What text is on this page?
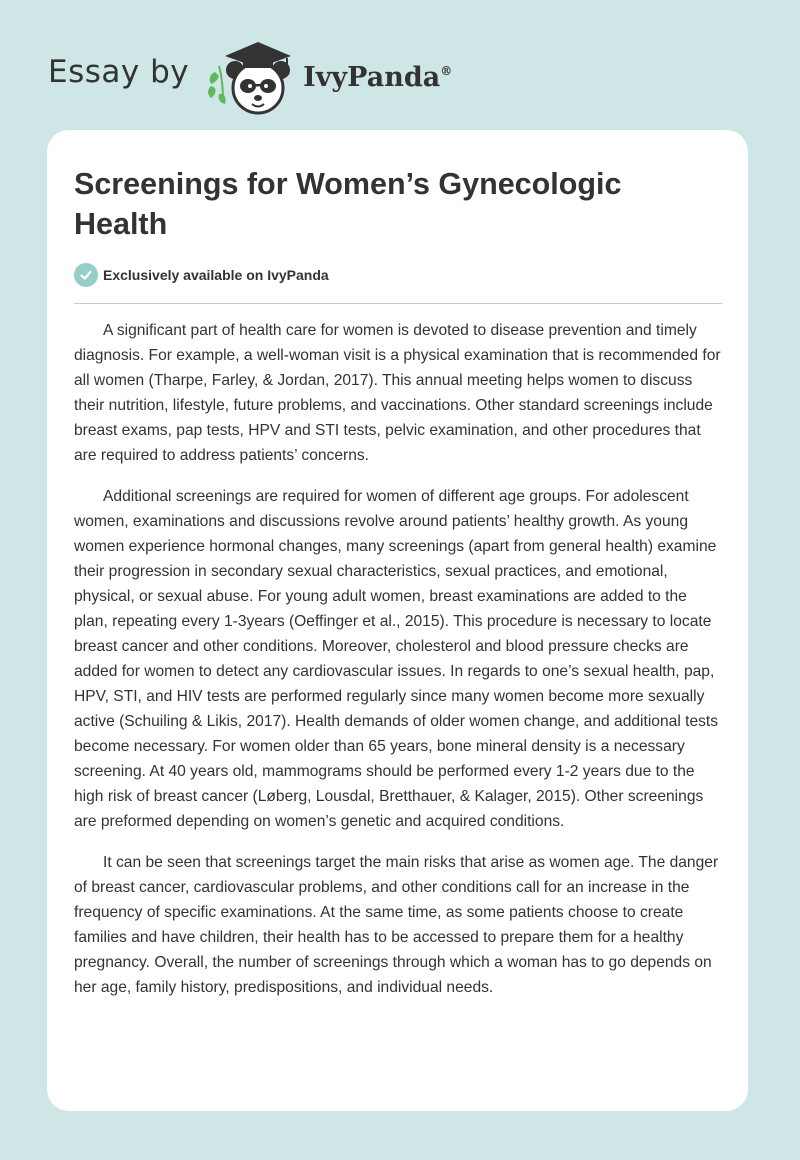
Essay by	IvyPanda®
Screenings for Women’s Gynecologic Health
Exclusively available on IvyPanda

A significant part of health care for women is devoted to disease prevention and timely diagnosis. For example, a well-woman visit is a physical examination that is recommended for all women (Tharpe, Farley, & Jordan, 2017). This annual meeting helps women to discuss their nutrition, lifestyle, future problems, and vaccinations. Other standard screenings include breast exams, pap tests, HPV and STI tests, pelvic examination, and other procedures that are required to address patients’ concerns.

Additional screenings are required for women of different age groups. For adolescent women, examinations and discussions revolve around patients’ healthy growth. As young women experience hormonal changes, many screenings (apart from general health) examine their progression in secondary sexual characteristics, sexual practices, and emotional, physical, or sexual abuse. For young adult women, breast examinations are added to the plan, repeating every 1-3years (Oeffinger et al., 2015). This procedure is necessary to locate breast cancer and other conditions. Moreover, cholesterol and blood pressure checks are added for women to detect any cardiovascular issues. In regards to one’s sexual health, pap, HPV, STI, and HIV tests are performed regularly since many women become more sexually active (Schuiling & Likis, 2017). Health demands of older women change, and additional tests become necessary. For women older than 65 years, bone mineral density is a necessary screening. At 40 years old, mammograms should be performed every 1-2 years due to the high risk of breast cancer (Løberg, Lousdal, Bretthauer, & Kalager, 2015). Other screenings are preformed depending on women’s genetic and acquired conditions.

It can be seen that screenings target the main risks that arise as women age. The danger of breast cancer, cardiovascular problems, and other conditions call for an increase in the frequency of specific examinations. At the same time, as some patients choose to create families and have children, their health has to be accessed to prepare them for a healthy pregnancy. Overall, the number of screenings through which a woman has to go depends on her age, family history, predispositions, and individual needs.
